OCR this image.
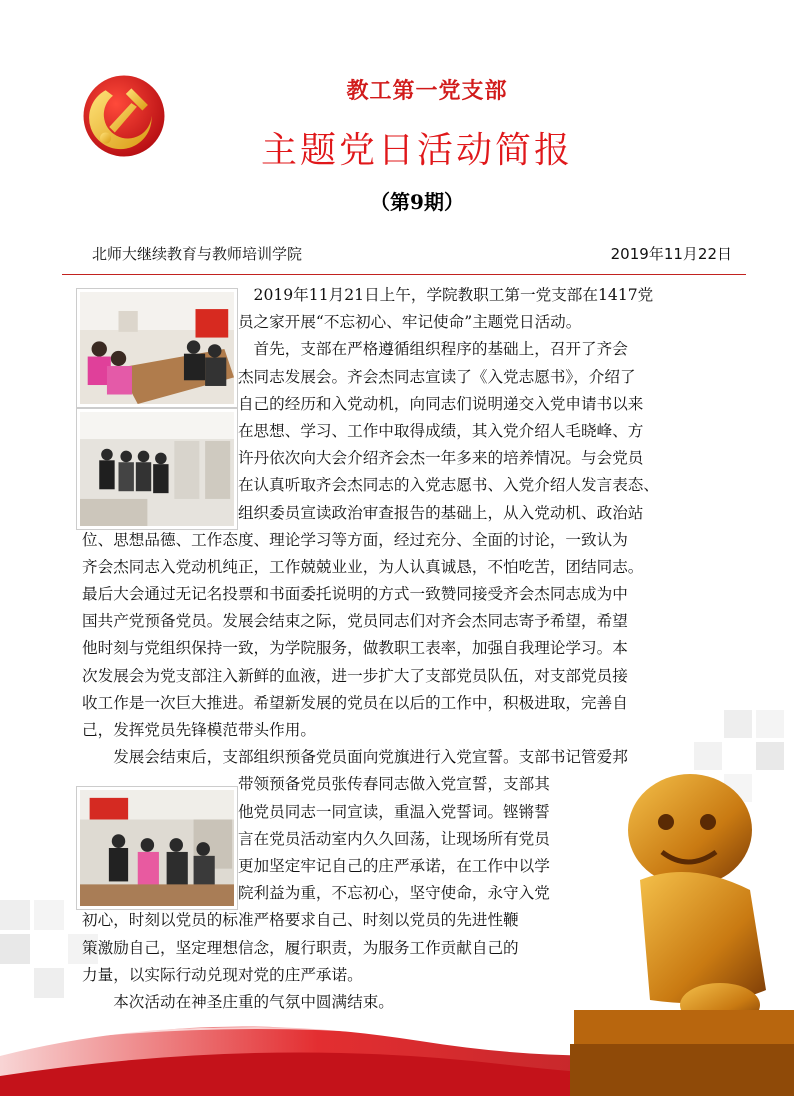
教工第一党支部
主题党日活动简报
（第9期）
北师大继续教育与教师培训学院	2019年11月22日
　　　　　　　　　　　2019年11月21日上午，学院教职工第一党支部在1417党
　　　　　　　　　　员之家开展“不忘初心、牢记使命”主题党日活动。
　　　　　　　　　　　首先，支部在严格遵循组织程序的基础上，召开了齐会
　　　　　　　　　　杰同志发展会。齐会杰同志宣读了《入党志愿书》，介绍了
　　　　　　　　　　自己的经历和入党动机，向同志们说明递交入党申请书以来
　　　　　　　　　　在思想、学习、工作中取得成绩，其入党介绍人毛晓峰、方
　　　　　　　　　　许丹依次向大会介绍齐会杰一年多来的培养情况。与会党员
　　　　　　　　　　在认真听取齐会杰同志的入党志愿书、入党介绍人发言表态、
　　　　　　　　　　组织委员宣读政治审查报告的基础上，从入党动机、政治站
位、思想品德、工作态度、理论学习等方面，经过充分、全面的讨论，一致认为
齐会杰同志入党动机纯正，工作兢兢业业，为人认真诚恳，不怕吃苦，团结同志。
最后大会通过无记名投票和书面委托说明的方式一致赞同接受齐会杰同志成为中
国共产党预备党员。发展会结束之际，党员同志们对齐会杰同志寄予希望，希望
他时刻与党组织保持一致，为学院服务，做教职工表率，加强自我理论学习。本
次发展会为党支部注入新鲜的血液，进一步扩大了支部党员队伍，对支部党员接
收工作是一次巨大推进。希望新发展的党员在以后的工作中，积极进取，完善自
己，发挥党员先锋模范带头作用。
　　发展会结束后，支部组织预备党员面向党旗进行入党宣誓。支部书记管爱邦
　　　　　　　　　　带领预备党员张传春同志做入党宣誓，支部其
　　　　　　　　　　他党员同志一同宣读，重温入党誓词。铿锵誓
　　　　　　　　　　言在党员活动室内久久回荡，让现场所有党员
　　　　　　　　　　更加坚定牢记自己的庄严承诺，在工作中以学
　　　　　　　　　　院利益为重，不忘初心，坚守使命，永守入党
初心，时刻以党员的标准严格要求自己、时刻以党员的先进性鞭
策激励自己，坚定理想信念，履行职责，为服务工作贡献自己的
力量，以实际行动兑现对党的庄严承诺。
　　本次活动在神圣庄重的气氛中圆满结束。
